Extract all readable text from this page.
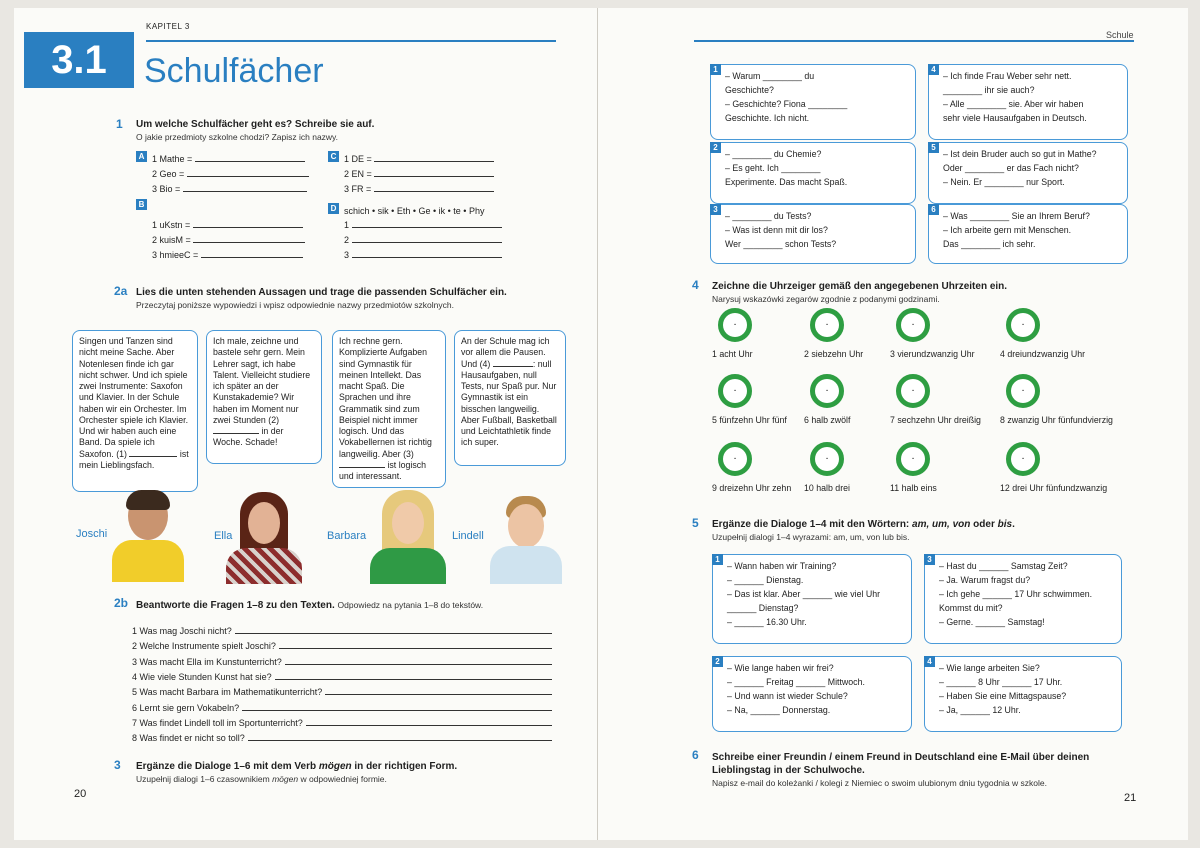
KAPITEL 3
3.1	Schulfächer
1 Um welche Schulfächer geht es? Schreibe sie auf.
O jakie przedmioty szkolne chodzi? Zapisz ich nazwy.
A 1 Mathe =
2 Geo =
3 Bio =
B
1 uKstn =
2 kuisM =
3 hmieeC =
C 1 DE =
2 EN =
3 FR =
D schich • sik • Eth • Ge • ik • te • Phy
1
2
3
2a Lies die unten stehenden Aussagen und trage die passenden Schulfächer ein.
Przeczytaj poniższe wypowiedzi i wpisz odpowiednie nazwy przedmiotów szkolnych.
Singen und Tanzen sind nicht meine Sache. Aber Notenlesen finde ich gar nicht schwer. Und ich spiele zwei Instrumente: Saxofon und Klavier. In der Schule haben wir ein Orchester. Im Orchester spiele ich Klavier. Und wir haben auch eine Band. Da spiele ich Saxofon. (1)	ist mein Lieblingsfach.
Ich male, zeichne und bastele sehr gern. Mein Lehrer sagt, ich habe Talent. Vielleicht studiere ich später an der Kunstakademie? Wir haben im Moment nur zwei Stunden (2)  in der Woche. Schade!
Ich rechne gern. Komplizierte Aufgaben sind Gymnastik für meinen Intellekt. Das macht Spaß. Die Sprachen und ihre Grammatik sind zum Beispiel nicht immer logisch. Und das Vokabellernen ist richtig langweilig. Aber (3)  ist logisch und interessant.
An der Schule mag ich vor allem die Pausen. Und (4)	: null Hausaufgaben, null Tests, nur Spaß pur. Nur Gymnastik ist ein bisschen langweilig. Aber Fußball, Basketball und Leichtathletik finde ich super.
Joschi	Ella	Barbara	Lindell
2b Beantworte die Fragen 1–8 zu den Texten. Odpowiedz na pytania 1–8 do tekstów.
1 Was mag Joschi nicht?
2 Welche Instrumente spielt Joschi?
3 Was macht Ella im Kunstunterricht?
4 Wie viele Stunden Kunst hat sie?
5 Was macht Barbara im Mathematikunterricht?
6 Lernt sie gern Vokabeln?
7 Was findet Lindell toll im Sportunterricht?
8 Was findet er nicht so toll?
3 Ergänze die Dialoge 1–6 mit dem Verb mögen in der richtigen Form.
Uzupełnij dialogi 1–6 czasownikiem mögen w odpowiedniej formie.
20
Schule
1
– Warum ________ du
Geschichte?
– Geschichte? Fiona ________
Geschichte. Ich nicht.
2
– ________ du Chemie?
– Es geht. Ich ________
Experimente. Das macht Spaß.
3
– ________ du Tests?
– Was ist denn mit dir los?
Wer ________ schon Tests?
4
– Ich finde Frau Weber sehr nett.
________ ihr sie auch?
– Alle ________ sie. Aber wir haben
sehr viele Hausaufgaben in Deutsch.
5
– Ist dein Bruder auch so gut in Mathe?
Oder ________ er das Fach nicht?
– Nein. Er ________ nur Sport.
6
– Was ________ Sie an Ihrem Beruf?
– Ich arbeite gern mit Menschen.
Das ________ ich sehr.
4 Zeichne die Uhrzeiger gemäß den angegebenen Uhrzeiten ein.
Narysuj wskazówki zegarów zgodnie z podanymi godzinami.
•
1 acht Uhr
•
2 siebzehn Uhr
•
3 vierundzwanzig Uhr
•
4 dreiundzwanzig Uhr
•
5 fünfzehn Uhr fünf
•
6 halb zwölf
•
7 sechzehn Uhr dreißig
•
8 zwanzig Uhr fünfundvierzig
•
9 dreizehn Uhr zehn
•
10 halb drei
•
11 halb eins
•
12 drei Uhr fünfundzwanzig
5 Ergänze die Dialoge 1–4 mit den Wörtern: am, um, von oder bis.
Uzupełnij dialogi 1–4 wyrazami: am, um, von lub bis.
1
– Wann haben wir Training?
– ______ Dienstag.
– Das ist klar. Aber ______ wie viel Uhr
______ Dienstag?
– ______ 16.30 Uhr.
2
– Wie lange haben wir frei?
– ______ Freitag ______ Mittwoch.
– Und wann ist wieder Schule?
– Na, ______ Donnerstag.
3
– Hast du ______ Samstag Zeit?
– Ja. Warum fragst du?
– Ich gehe ______ 17 Uhr schwimmen.
Kommst du mit?
– Gerne. ______ Samstag!
4
– Wie lange arbeiten Sie?
– ______ 8 Uhr ______ 17 Uhr.
– Haben Sie eine Mittagspause?
– Ja, ______ 12 Uhr.
6 Schreibe einer Freundin / einem Freund in Deutschland eine E-Mail über deinen Lieblingstag in der Schulwoche.
Napisz e-mail do koleżanki / kolegi z Niemiec o swoim ulubionym dniu tygodnia w szkole.
21
